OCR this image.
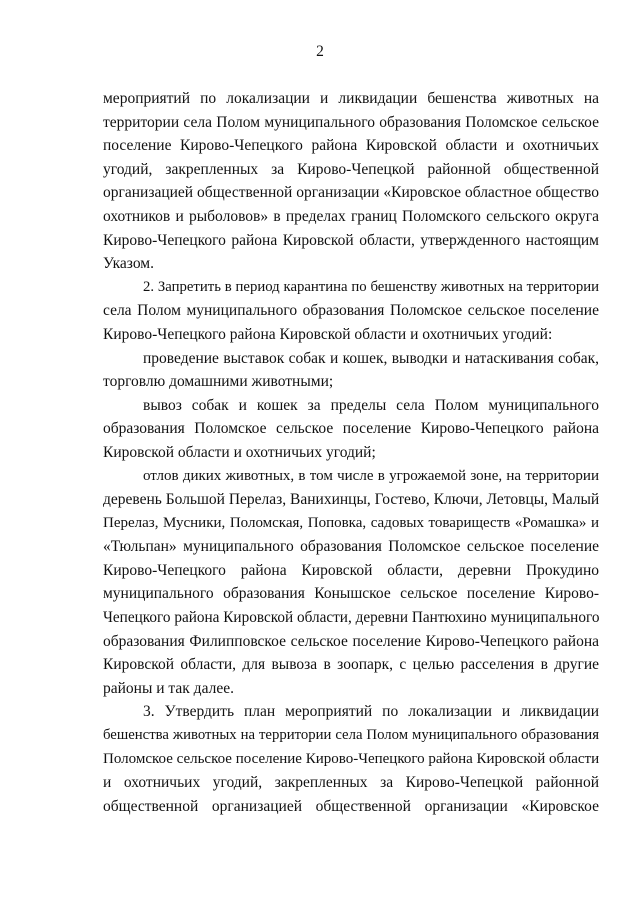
2

мероприятий по локализации и ликвидации бешенства животных на
территории села Полом муниципального образования Поломское сельское
поселение Кирово-Чепецкого района Кировской области и охотничьих
угодий, закрепленных за Кирово-Чепецкой районной общественной
организацией общественной организации «Кировское областное общество
охотников и рыболовов» в пределах границ Поломского сельского округа
Кирово-Чепецкого района Кировской области, утвержденного настоящим
Указом.

2. Запретить в период карантина по бешенству животных на территории
села Полом муниципального образования Поломское сельское поселение
Кирово-Чепецкого района Кировской области и охотничьих угодий:

проведение выставок собак и кошек, выводки и натаскивания собак,
торговлю домашними животными;

вывоз собак и кошек за пределы села Полом муниципального
образования Поломское сельское поселение Кирово-Чепецкого района
Кировской области и охотничьих угодий;

отлов диких животных, в том числе в угрожаемой зоне, на территории
деревень Большой Перелаз, Ванихинцы, Гостево, Ключи, Летовцы, Малый
Перелаз, Мусники, Поломская, Поповка, садовых товариществ «Ромашка» и
«Тюльпан» муниципального образования Поломское сельское поселение
Кирово-Чепецкого района Кировской области, деревни Прокудино
муниципального образования Конышское сельское поселение Кирово-
Чепецкого района Кировской области, деревни Пантюхино муниципального
образования Филипповское сельское поселение Кирово-Чепецкого района
Кировской области, для вывоза в зоопарк, с целью расселения в другие
районы и так далее.

3. Утвердить план мероприятий по локализации и ликвидации
бешенства животных на территории села Полом муниципального образования
Поломское сельское поселение Кирово-Чепецкого района Кировской области
и охотничьих угодий, закрепленных за Кирово-Чепецкой районной
общественной организацией общественной организации «Кировское
